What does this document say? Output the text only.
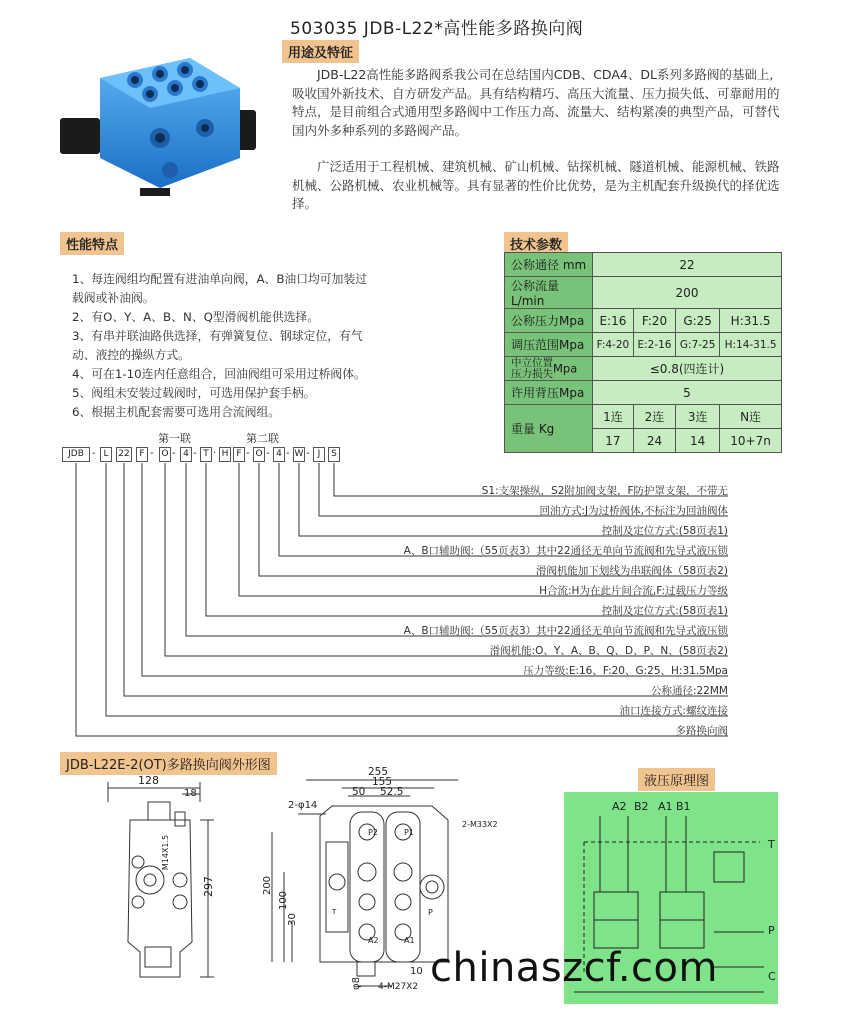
503035 JDB-L22*高性能多路换向阀
用途及特征
JDB-L22高性能多路阀系我公司在总结国内CDB、CDA4、DL系列多路阀的基础上,吸收国外新技术、自方研发产品。具有结构精巧、高压大流量、压力损失低、可靠耐用的特点，是目前组合式通用型多路阀中工作压力高、流量大、结构紧凑的典型产品，可替代国内外多种系列的多路阀产品。
广泛适用于工程机械、建筑机械、矿山机械、钻探机械、隧道机械、能源机械、铁路机械、公路机械、农业机械等。具有显著的性价比优势，是为主机配套升级换代的择优选择。
性能特点
1、每连阀组均配置有进油单向阀，A、B油口均可加装过
载阀或补油阀。
2、有O、Y、A、B、N、Q型滑阀机能供选择。
3、有串并联油路供选择，有弹簧复位、钢球定位，有气
动、液控的操纵方式。
4、可在1-10连内任意组合，回油阀组可采用过桥阀体。
5、阀组未安装过载阀时，可选用保护套手柄。
6、根据主机配套需要可选用合流阀组。
技术参数
公称通径 mm	22			
公称流量 L/min	200			
公称压力Mpa	E:16	F:20	G:25	H:31.5
调压范围Mpa	F:4-20	E:2-16	G:7-25	H:14-31.5

中立位置
压力损失 Mpa	≤0.8(四连计)			
许用背压Mpa	5			
重量 Kg	1连	2连	3连	N连
	17	24	14	10+7n
第一联	第二联
JDB - L	22	F - O - 4 - T · H F - O - 4 - W - J	S
S1:支架操纵，S2附加阀支架，F防护罩支架，不带无
回油方式:J为过桥阀体,不标注为回油阀体
控制及定位方式:(58页表1)
A、B口辅助阀:（55页表3）其中22通径无单向节流阀和先导式液压锁
滑阀机能加下划线为串联阀体（58页表2)
H合流:H为在此片间合流,F:过载压力等级
控制及定位方式:(58页表1)
A、B口辅助阀:（55页表3）其中22通径无单向节流阀和先导式液压锁
滑阀机能:O、Y、A、B、Q、D、P、N、(58页表2)
压力等级:E:16、F:20、G:25、H:31.5Mpa
公称通径:22MM
油口连接方式:螺纹连接
多路换向阀
JDB-L22E-2(OT)多路换向阀外形图
128
18
297
M14X1.5
255
155
50 52.5
2-φ14
200
100
30
10
φ8
2-M33X2
4-M27X2
P2	P1
A2	A1
T	P
液压原理图
A2 B2 A1 B1
T
P
C
chinaszcf.com
